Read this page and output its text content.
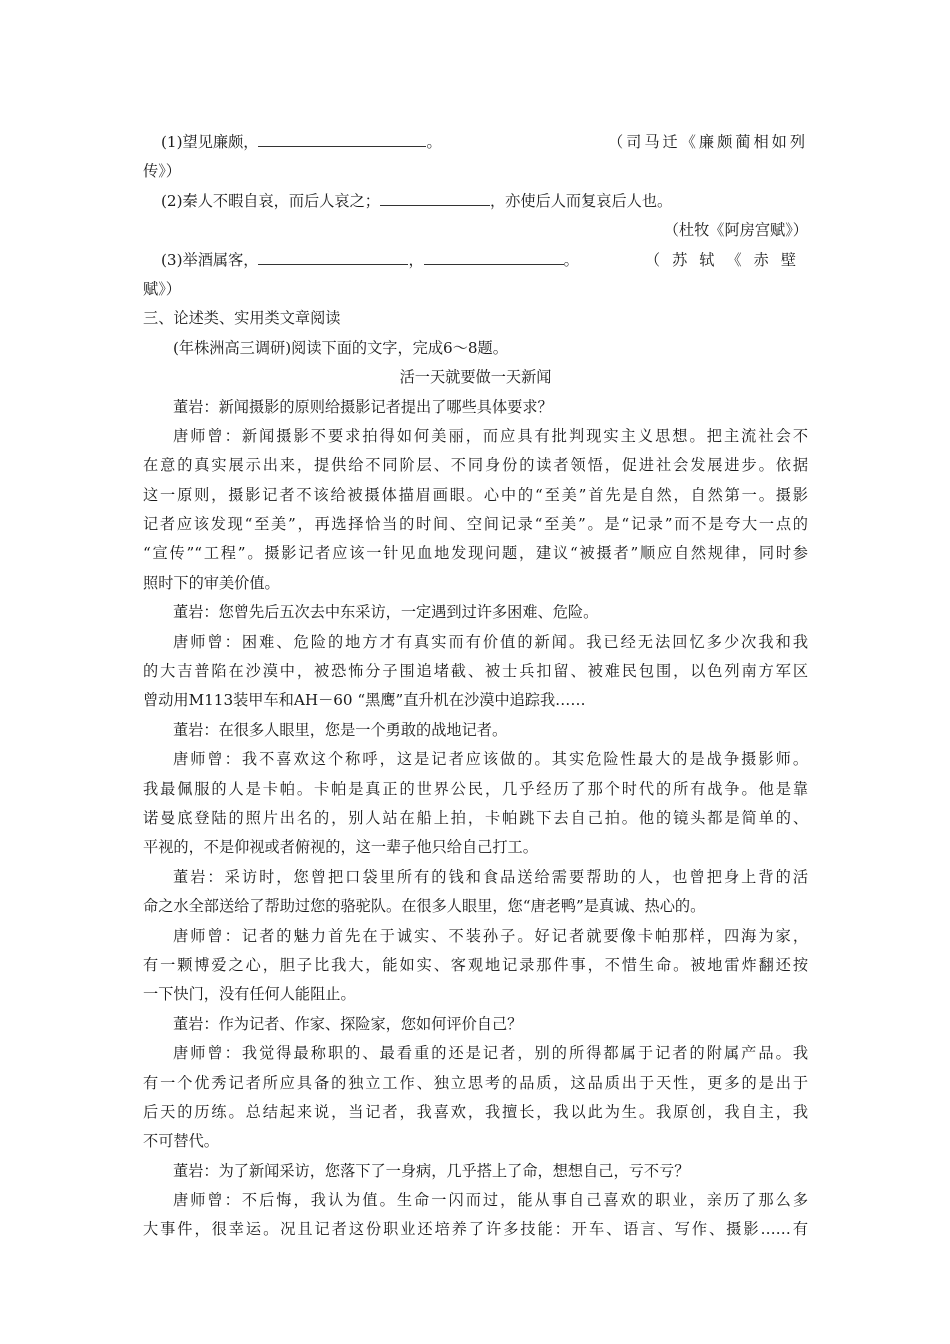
(1)望见廉颇，	。	（司马迁《廉颇蔺相如列
传》）
(2)秦人不暇自哀，而后人哀之；	，亦使后人而复哀后人也。
（杜牧《阿房宫赋》）
(3)举酒属客，	，	。	（苏轼《赤壁
赋》）
三、论述类、实用类文章阅读
(年株洲高三调研)阅读下面的文字，完成6～8题。
活一天就要做一天新闻
董岩：新闻摄影的原则给摄影记者提出了哪些具体要求？
唐师曾：新闻摄影不要求拍得如何美丽，而应具有批判现实主义思想。把主流社会不
在意的真实展示出来，提供给不同阶层、不同身份的读者领悟，促进社会发展进步。依据
这一原则，摄影记者不该给被摄体描眉画眼。心中的“至美”首先是自然，自然第一。摄影
记者应该发现“至美”，再选择恰当的时间、空间记录“至美”。是“记录”而不是夸大一点的
“宣传”“工程”。摄影记者应该一针见血地发现问题，建议“被摄者”顺应自然规律，同时参
照时下的审美价值。
董岩：您曾先后五次去中东采访，一定遇到过许多困难、危险。
唐师曾：困难、危险的地方才有真实而有价值的新闻。我已经无法回忆多少次我和我
的大吉普陷在沙漠中，被恐怖分子围追堵截、被士兵扣留、被难民包围，以色列南方军区
曾动用M113装甲车和AH－60 “黑鹰”直升机在沙漠中追踪我……
董岩：在很多人眼里，您是一个勇敢的战地记者。
唐师曾：我不喜欢这个称呼，这是记者应该做的。其实危险性最大的是战争摄影师。
我最佩服的人是卡帕。卡帕是真正的世界公民，几乎经历了那个时代的所有战争。他是靠
诺曼底登陆的照片出名的，别人站在船上拍，卡帕跳下去自己拍。他的镜头都是简单的、
平视的，不是仰视或者俯视的，这一辈子他只给自己打工。
董岩：采访时，您曾把口袋里所有的钱和食品送给需要帮助的人，也曾把身上背的活
命之水全部送给了帮助过您的骆驼队。在很多人眼里，您“唐老鸭”是真诚、热心的。
唐师曾：记者的魅力首先在于诚实、不装孙子。好记者就要像卡帕那样，四海为家，
有一颗博爱之心，胆子比我大，能如实、客观地记录那件事，不惜生命。被地雷炸翻还按
一下快门，没有任何人能阻止。
董岩：作为记者、作家、探险家，您如何评价自己？
唐师曾：我觉得最称职的、最看重的还是记者，别的所得都属于记者的附属产品。我
有一个优秀记者所应具备的独立工作、独立思考的品质，这品质出于天性，更多的是出于
后天的历练。总结起来说，当记者，我喜欢，我擅长，我以此为生。我原创，我自主，我
不可替代。
董岩：为了新闻采访，您落下了一身病，几乎搭上了命，想想自己，亏不亏？
唐师曾：不后悔，我认为值。生命一闪而过，能从事自己喜欢的职业，亲历了那么多
大事件，很幸运。况且记者这份职业还培养了许多技能：开车、语言、写作、摄影……有
